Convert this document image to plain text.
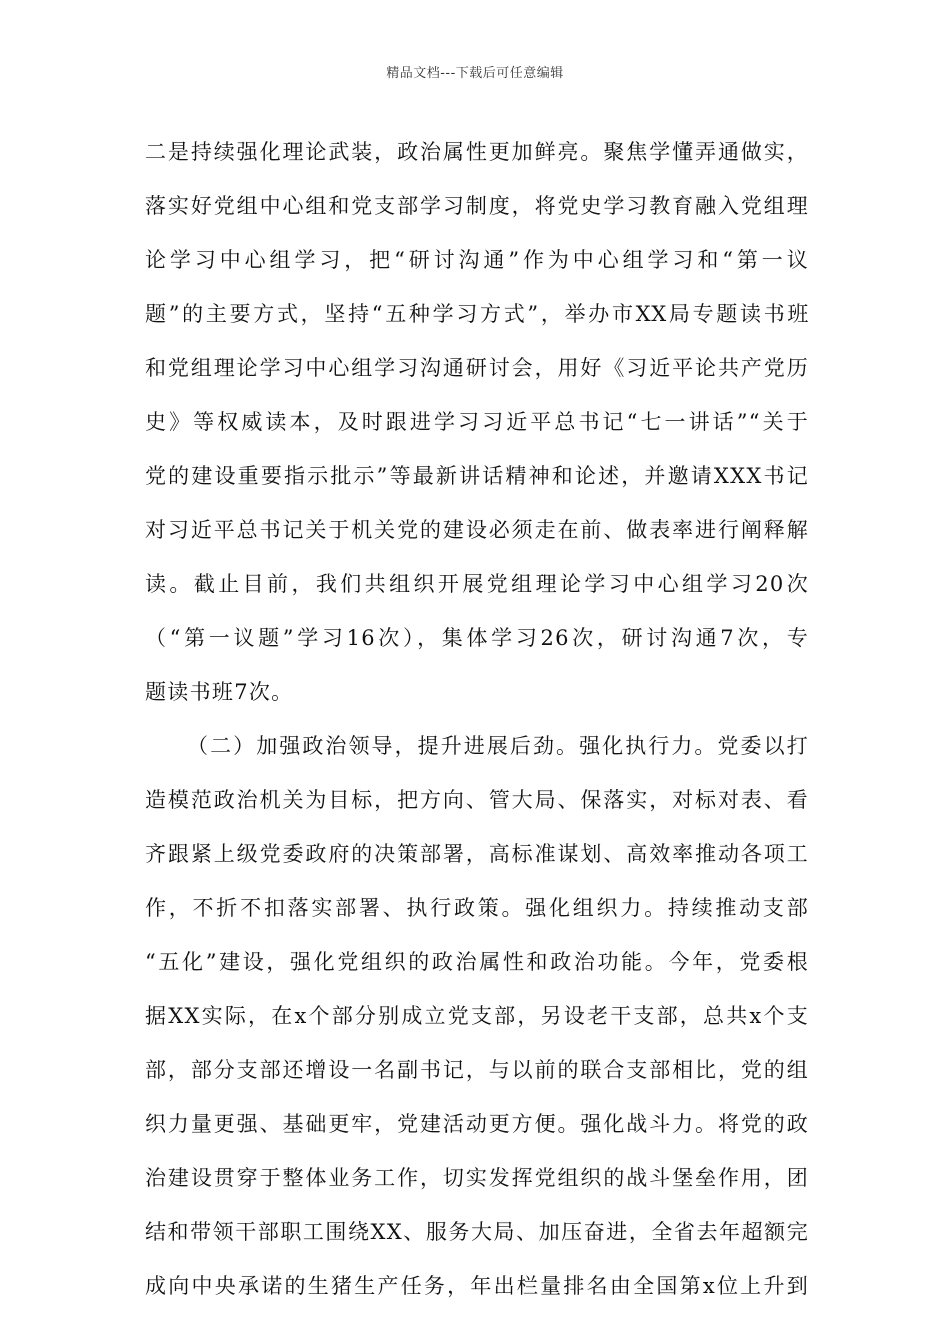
精品文档---下载后可任意编辑
二是持续强化理论武装，政治属性更加鲜亮。聚焦学懂弄通做实，
落实好党组中心组和党支部学习制度，将党史学习教育融入党组理
论学习中心组学习，把“研讨沟通”作为中心组学习和“第一议
题”的主要方式，坚持“五种学习方式”，举办市XX局专题读书班
和党组理论学习中心组学习沟通研讨会，用好《习近平论共产党历
史》等权威读本，及时跟进学习习近平总书记“七一讲话”“关于
党的建设重要指示批示”等最新讲话精神和论述，并邀请XXX书记
对习近平总书记关于机关党的建设必须走在前、做表率进行阐释解
读。截止目前，我们共组织开展党组理论学习中心组学习20次
（“第一议题”学习16次），集体学习26次，研讨沟通7次，专
题读书班7次。
（二）加强政治领导，提升进展后劲。强化执行力。党委以打
造模范政治机关为目标，把方向、管大局、保落实，对标对表、看
齐跟紧上级党委政府的决策部署，高标准谋划、高效率推动各项工
作，不折不扣落实部署、执行政策。强化组织力。持续推动支部
“五化”建设，强化党组织的政治属性和政治功能。今年，党委根
据XX实际，在x个部分别成立党支部，另设老干支部，总共x个支
部，部分支部还增设一名副书记，与以前的联合支部相比，党的组
织力量更强、基础更牢，党建活动更方便。强化战斗力。将党的政
治建设贯穿于整体业务工作，切实发挥党组织的战斗堡垒作用，团
结和带领干部职工围绕XX、服务大局、加压奋进，全省去年超额完
成向中央承诺的生猪生产任务，年出栏量排名由全国第x位上升到
